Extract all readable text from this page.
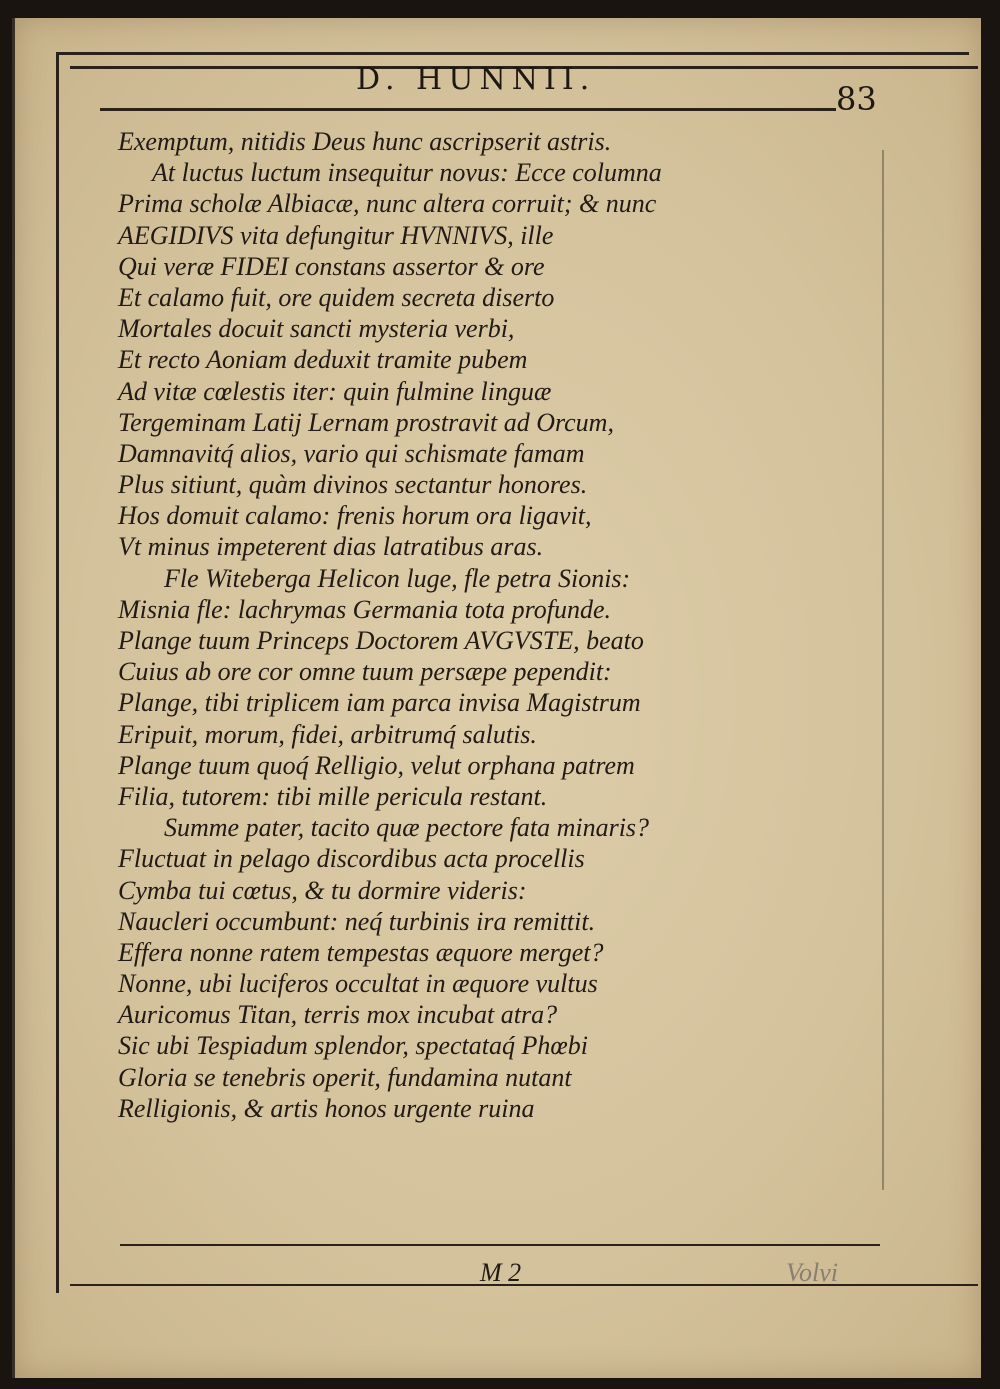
D. HUNNII.
83
Exemptum, nitidis Deus hunc ascripserit astris.
At luctus luctum insequitur novus: Ecce columna
Prima scholæ Albiacæ, nunc altera corruit; & nunc
AEGIDIVS vita defungitur HVNNIVS, ille
Qui veræ FIDEI constans assertor & ore
Et calamo fuit, ore quidem secreta diserto
Mortales docuit sancti mysteria verbi,
Et recto Aoniam deduxit tramite pubem
Ad vitæ cœlestis iter: quin fulmine linguæ
Tergeminam Latij Lernam prostravit ad Orcum,
Damnavitq́ alios, vario qui schismate famam
Plus sitiunt, quàm divinos sectantur honores.
Hos domuit calamo: frenis horum ora ligavit,
Vt minus impeterent dias latratibus aras.
Fle Witeberga Helicon luge, fle petra Sionis:
Misnia fle: lachrymas Germania tota profunde.
Plange tuum Princeps Doctorem AVGVSTE, beato
Cuius ab ore cor omne tuum persæpe pependit:
Plange, tibi triplicem iam parca invisa Magistrum
Eripuit, morum, fidei, arbitrumq́ salutis.
Plange tuum quoq́ Relligio, velut orphana patrem
Filia, tutorem: tibi mille pericula restant.
Summe pater, tacito quæ pectore fata minaris?
Fluctuat in pelago discordibus acta procellis
Cymba tui cœtus, & tu dormire videris:
Naucleri occumbunt: neq́ turbinis ira remittit.
Effera nonne ratem tempestas æquore merget?
Nonne, ubi luciferos occultat in æquore vultus
Auricomus Titan, terris mox incubat atra?
Sic ubi Tespiadum splendor, spectataq́ Phœbi
Gloria se tenebris operit, fundamina nutant
Relligionis, & artis honos urgente ruina
M 2	Volvi
